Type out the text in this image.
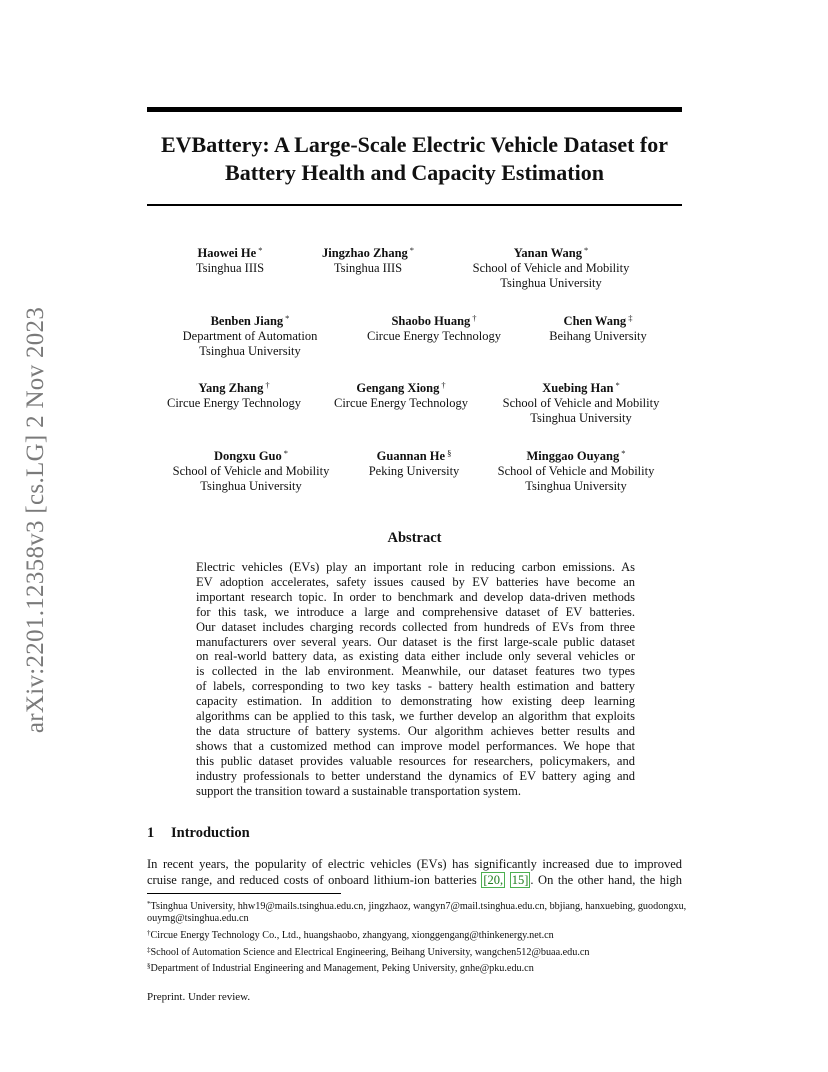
arXiv:2201.12358v3 [cs.LG] 2 Nov 2023
EVBattery: A Large-Scale Electric Vehicle Dataset for
Battery Health and Capacity Estimation
Haowei He *
Tsinghua IIIS
Jingzhao Zhang *
Tsinghua IIIS
Yanan Wang *
School of Vehicle and Mobility
Tsinghua University
Benben Jiang *
Department of Automation
Tsinghua University
Shaobo Huang †
Circue Energy Technology
Chen Wang ‡
Beihang University
Yang Zhang †
Circue Energy Technology
Gengang Xiong †
Circue Energy Technology
Xuebing Han *
School of Vehicle and Mobility
Tsinghua University
Dongxu Guo *
School of Vehicle and Mobility
Tsinghua University
Guannan He §
Peking University
Minggao Ouyang *
School of Vehicle and Mobility
Tsinghua University
Abstract
Electric vehicles (EVs) play an important role in reducing carbon emissions. As
EV adoption accelerates, safety issues caused by EV batteries have become an
important research topic. In order to benchmark and develop data-driven methods
for this task, we introduce a large and comprehensive dataset of EV batteries.
Our dataset includes charging records collected from hundreds of EVs from three
manufacturers over several years. Our dataset is the first large-scale public dataset
on real-world battery data, as existing data either include only several vehicles or
is collected in the lab environment. Meanwhile, our dataset features two types
of labels, corresponding to two key tasks - battery health estimation and battery
capacity estimation. In addition to demonstrating how existing deep learning
algorithms can be applied to this task, we further develop an algorithm that exploits
the data structure of battery systems. Our algorithm achieves better results and
shows that a customized method can improve model performances. We hope that
this public dataset provides valuable resources for researchers, policymakers, and
industry professionals to better understand the dynamics of EV battery aging and
support the transition toward a sustainable transportation system.
1 Introduction
In recent years, the popularity of electric vehicles (EVs) has significantly increased due to improved
cruise range, and reduced costs of onboard lithium-ion batteries [20, 15] . On the other hand, the high
*Tsinghua University, hhw19@mails.tsinghua.edu.cn, jingzhaoz, wangyn7@mail.tsinghua.edu.cn, bbjiang, hanxuebing, guodongxu, ouymg@tsinghua.edu.cn
†Circue Energy Technology Co., Ltd., huangshaobo, zhangyang, xionggengang@thinkenergy.net.cn
‡School of Automation Science and Electrical Engineering, Beihang University, wangchen512@buaa.edu.cn
§Department of Industrial Engineering and Management, Peking University, gnhe@pku.edu.cn
Preprint. Under review.
